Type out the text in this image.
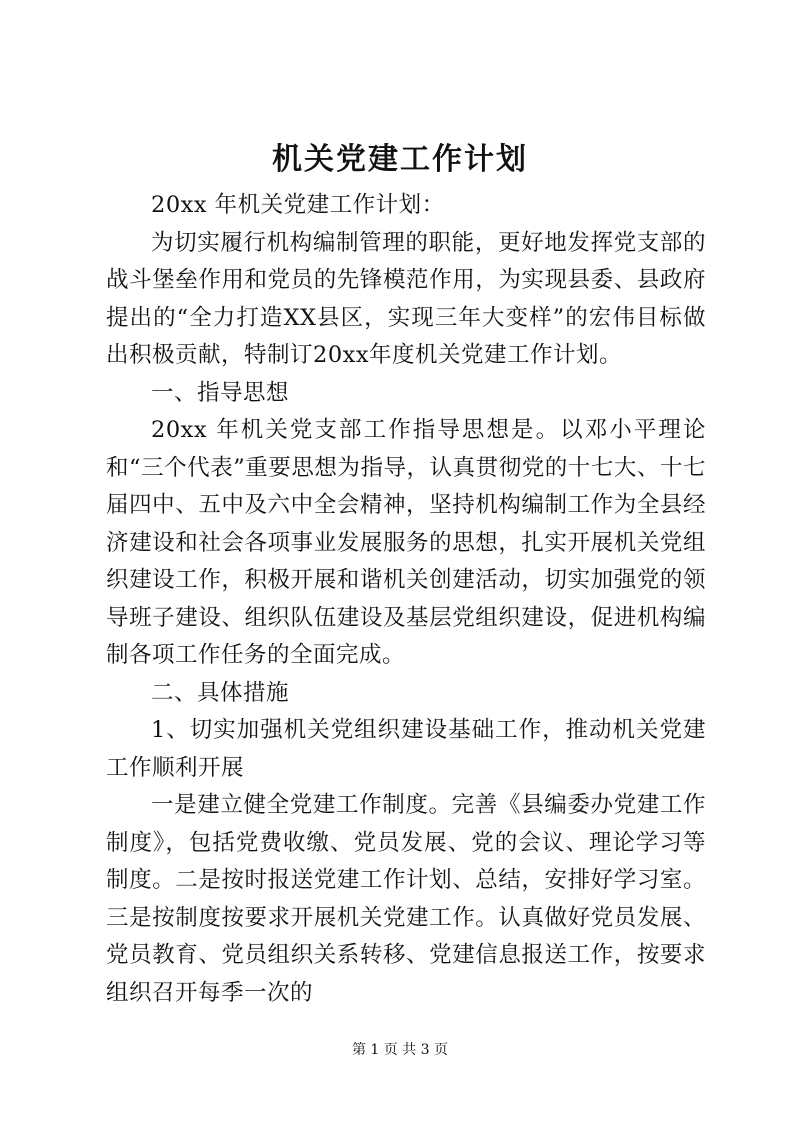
机关党建工作计划

20xx 年机关党建工作计划：

为切实履行机构编制管理的职能，更好地发挥党支部的战斗堡垒作用和党员的先锋模范作用，为实现县委、县政府提出的“全力打造XX县区，实现三年大变样”的宏伟目标做出积极贡献，特制订20xx年度机关党建工作计划。

一、指导思想

20xx 年机关党支部工作指导思想是。以邓小平理论和“三个代表”重要思想为指导，认真贯彻党的十七大、十七届四中、五中及六中全会精神，坚持机构编制工作为全县经济建设和社会各项事业发展服务的思想，扎实开展机关党组织建设工作，积极开展和谐机关创建活动，切实加强党的领导班子建设、组织队伍建设及基层党组织建设，促进机构编制各项工作任务的全面完成。

二、具体措施

1、切实加强机关党组织建设基础工作，推动机关党建工作顺利开展

一是建立健全党建工作制度。完善《县编委办党建工作制度》，包括党费收缴、党员发展、党的会议、理论学习等制度。二是按时报送党建工作计划、总结，安排好学习室。三是按制度按要求开展机关党建工作。认真做好党员发展、党员教育、党员组织关系转移、党建信息报送工作，按要求组织召开每季一次的

第 1 页 共 3 页
